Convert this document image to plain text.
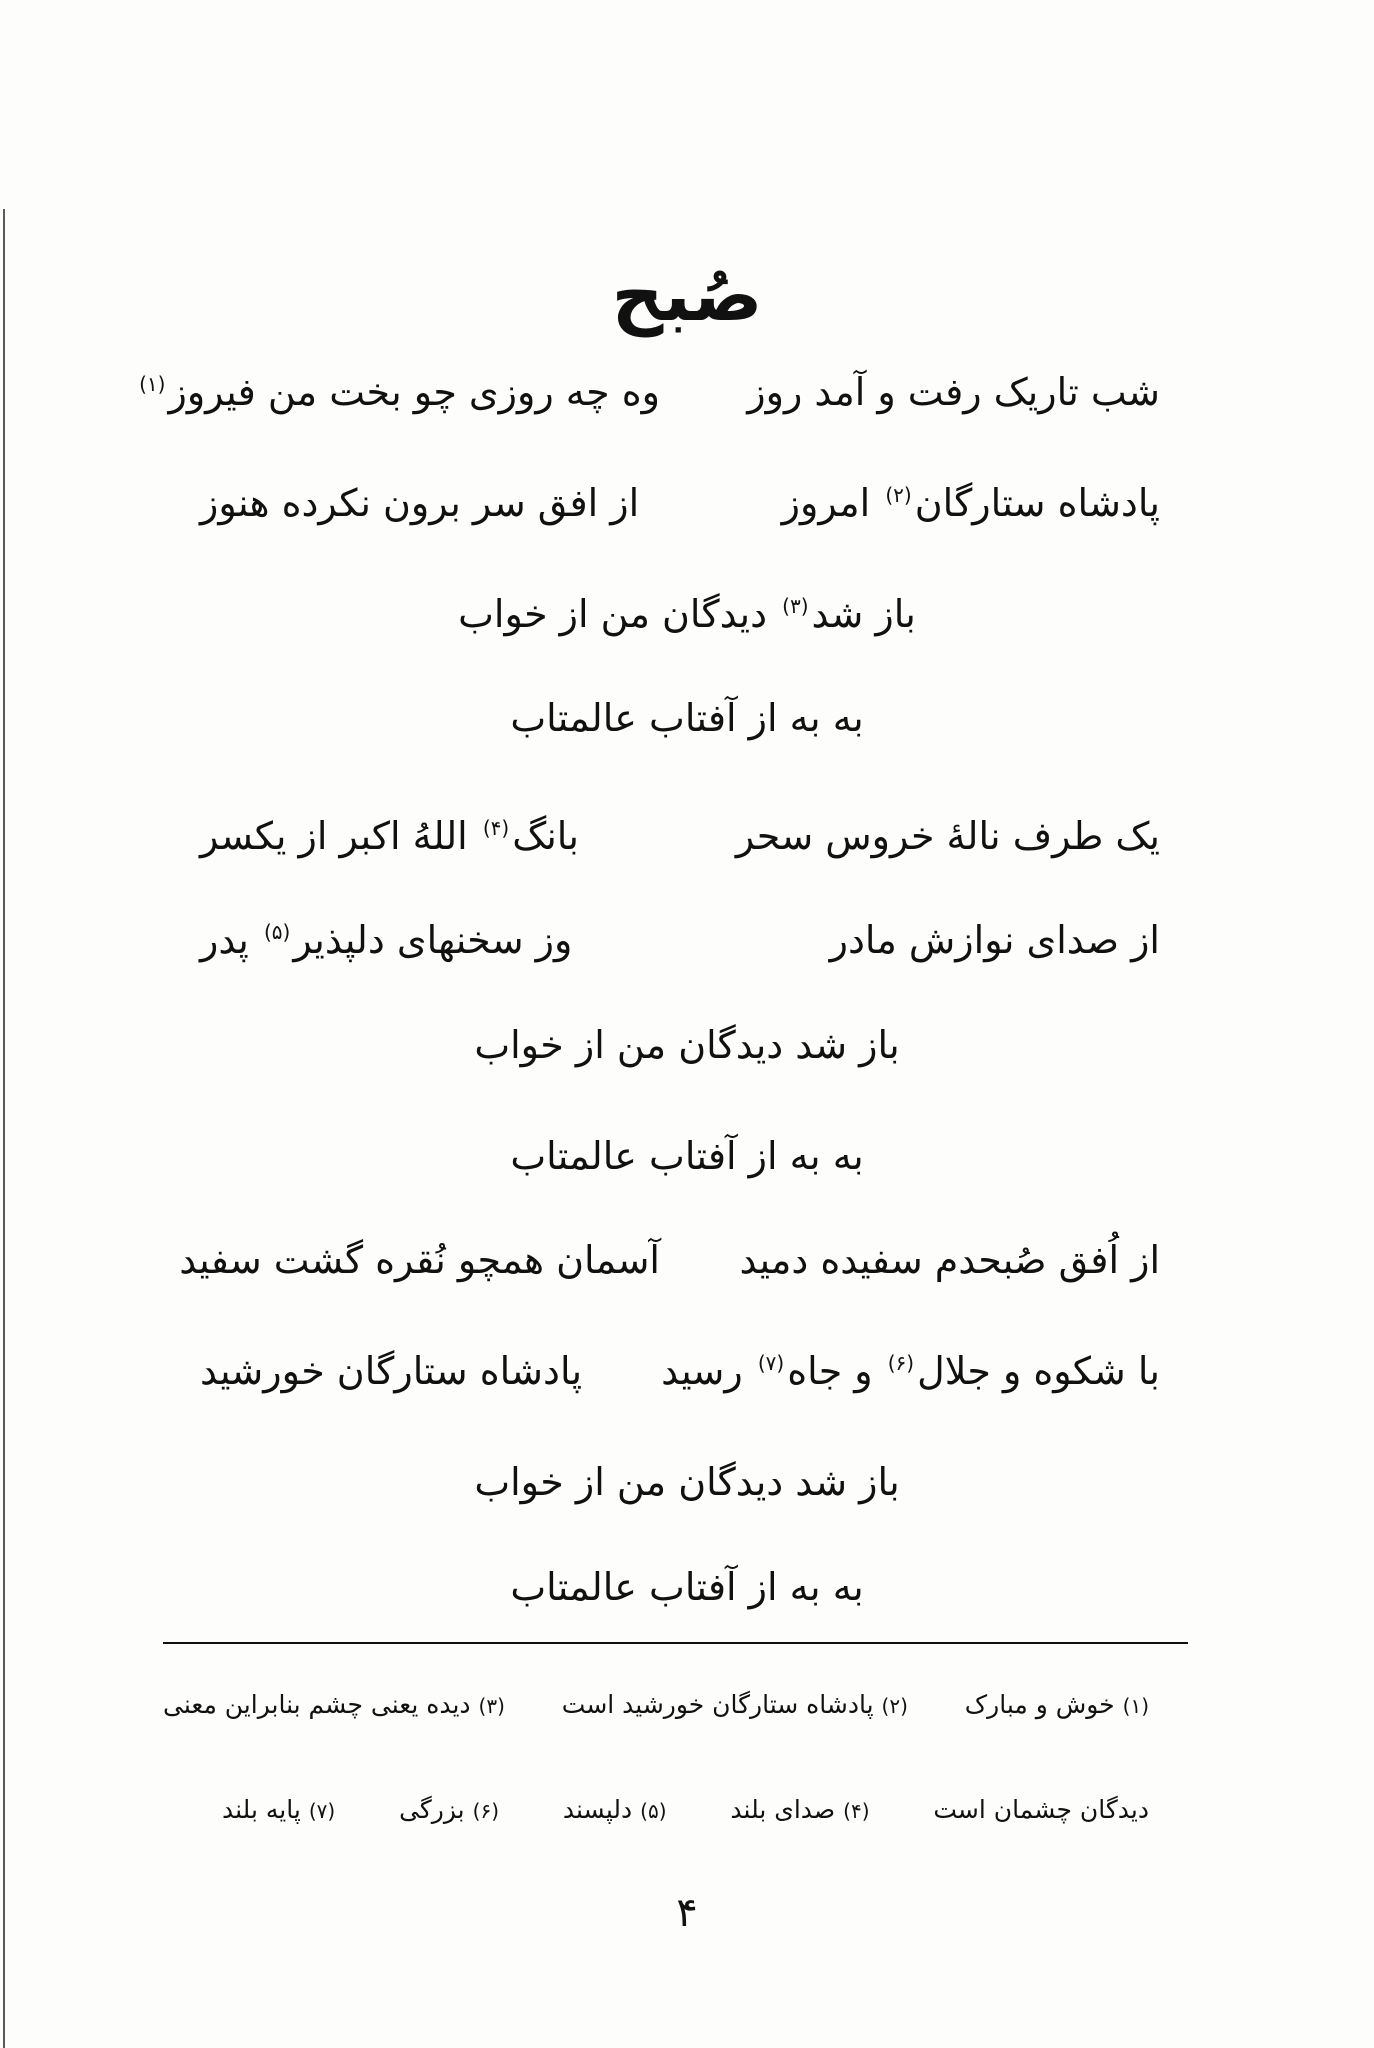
صُبح
شب تاریک رفت و آمد روز
وه چه روزی چو بخت من فیروز$^{(۱)}$
پادشاه ستارگان$^{(۲)}$ امروز
از افق سر برون نکرده هنوز
باز شد$^{(۳)}$ دیدگان من از خواب
به به از آفتاب عالمتاب
یک طرف نالهٔ خروس سحر
بانگ$^{(۴)}$ اللهُ اکبر از یکسر
از صدای نوازش مادر
وز سخنهای دلپذیر$^{(۵)}$ پدر
باز شد دیدگان من از خواب
به به از آفتاب عالمتاب
از اُفق صُبحدم سفیده دمید
آسمان همچو نُقره گشت سفید
با شکوه و جلال$^{(۶)}$ و جاه$^{(۷)}$ رسید
پادشاه ستارگان خورشید
باز شد دیدگان من از خواب
به به از آفتاب عالمتاب
(۱)خوش و مبارک
(۲)پادشاه ستارگان خورشید است
(۳)دیده یعنی چشم بنابراین معنی
دیدگان چشمان است
(۴)صدای بلند
(۵)دلپسند
(۶)بزرگی
(۷)پایه بلند
۴
